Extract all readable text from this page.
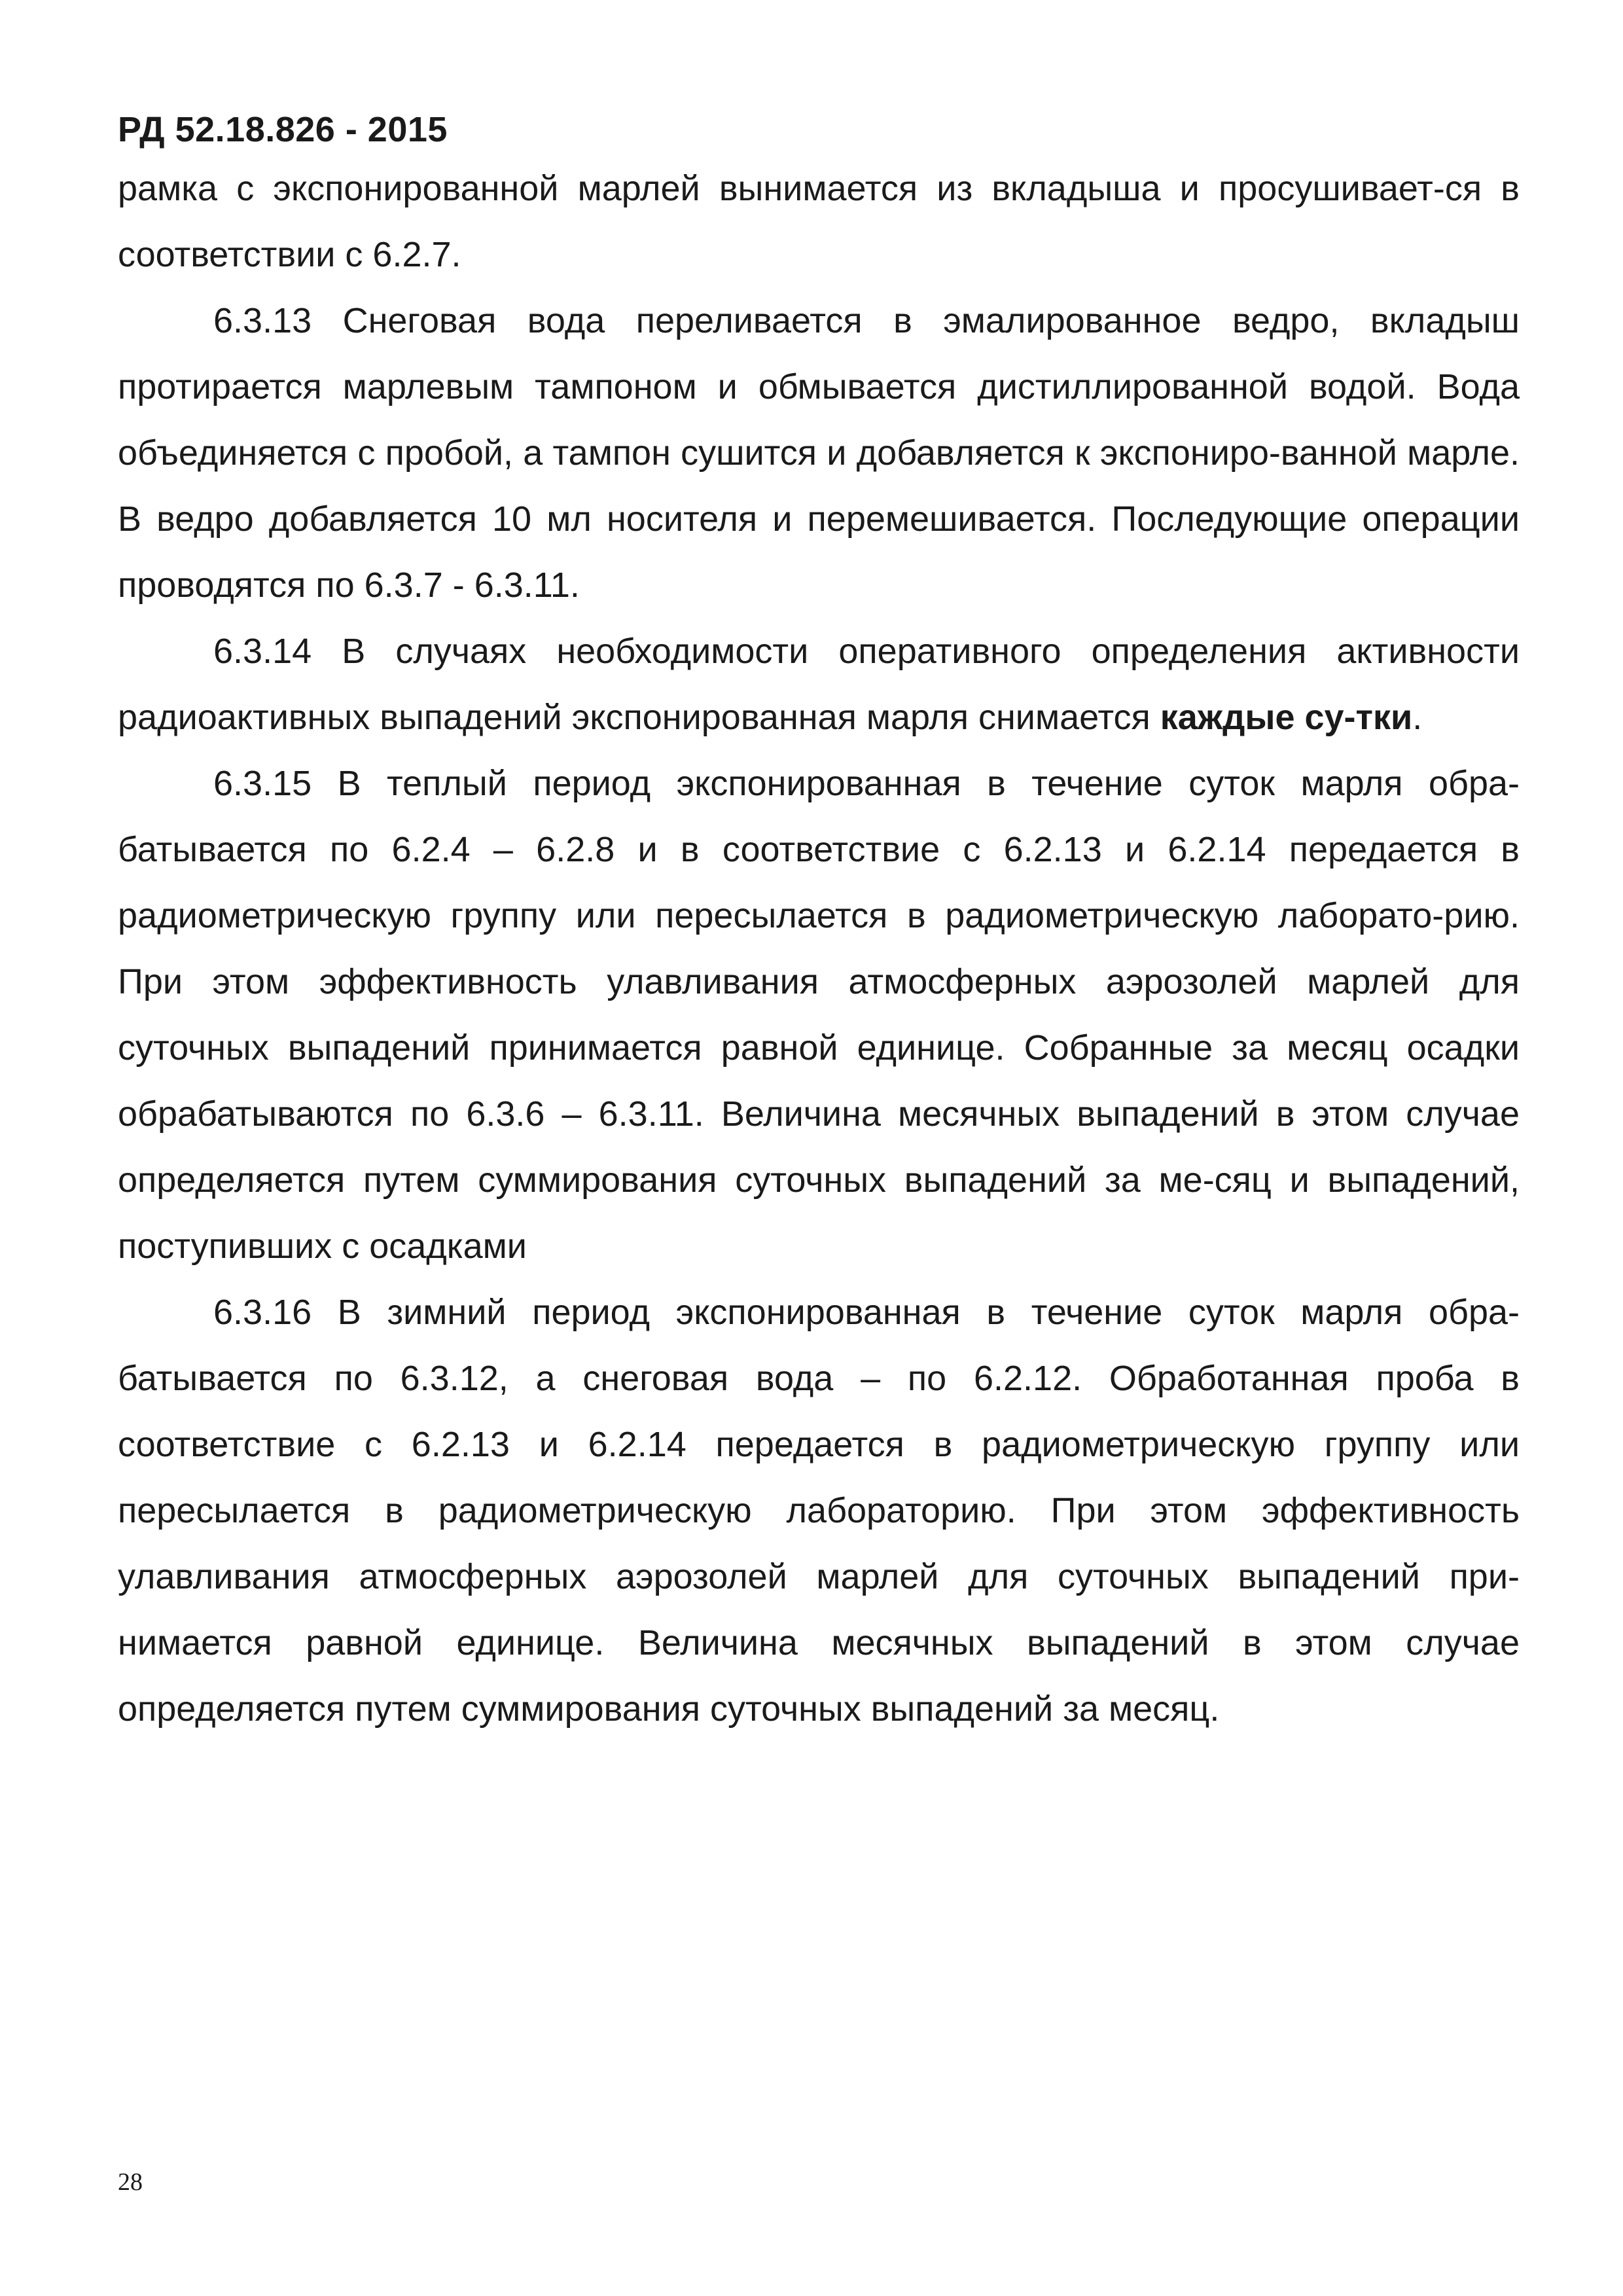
РД 52.18.826 - 2015

рамка с экспонированной марлей вынимается из вкладыша и просушивает-ся в соответствии с 6.2.7.

6.3.13 Снеговая вода переливается в эмалированное ведро, вкладыш протирается марлевым тампоном и обмывается дистиллированной водой. Вода объединяется с пробой, а тампон сушится и добавляется к экспониро-ванной марле. В ведро добавляется 10 мл носителя и перемешивается. Последующие операции проводятся по 6.3.7 - 6.3.11.

6.3.14 В случаях необходимости оперативного определения активности радиоактивных выпадений экспонированная марля снимается каждые су-тки.

6.3.15 В теплый период экспонированная в течение суток марля обра-батывается по 6.2.4 – 6.2.8 и в соответствие с 6.2.13 и 6.2.14 передается в радиометрическую группу или пересылается в радиометрическую лаборато-рию. При этом эффективность улавливания атмосферных аэрозолей марлей для суточных выпадений принимается равной единице. Собранные за месяц осадки обрабатываются по 6.3.6 – 6.3.11. Величина месячных выпадений в этом случае определяется путем суммирования суточных выпадений за ме-сяц и выпадений, поступивших с осадками

6.3.16 В зимний период экспонированная в течение суток марля обра-батывается по 6.3.12, а снеговая вода – по 6.2.12. Обработанная проба в соответствие с 6.2.13 и 6.2.14 передается в радиометрическую группу или пересылается в радиометрическую лабораторию. При этом эффективность улавливания атмосферных аэрозолей марлей для суточных выпадений при-нимается равной единице. Величина месячных выпадений в этом случае определяется путем суммирования суточных выпадений за месяц.

28
